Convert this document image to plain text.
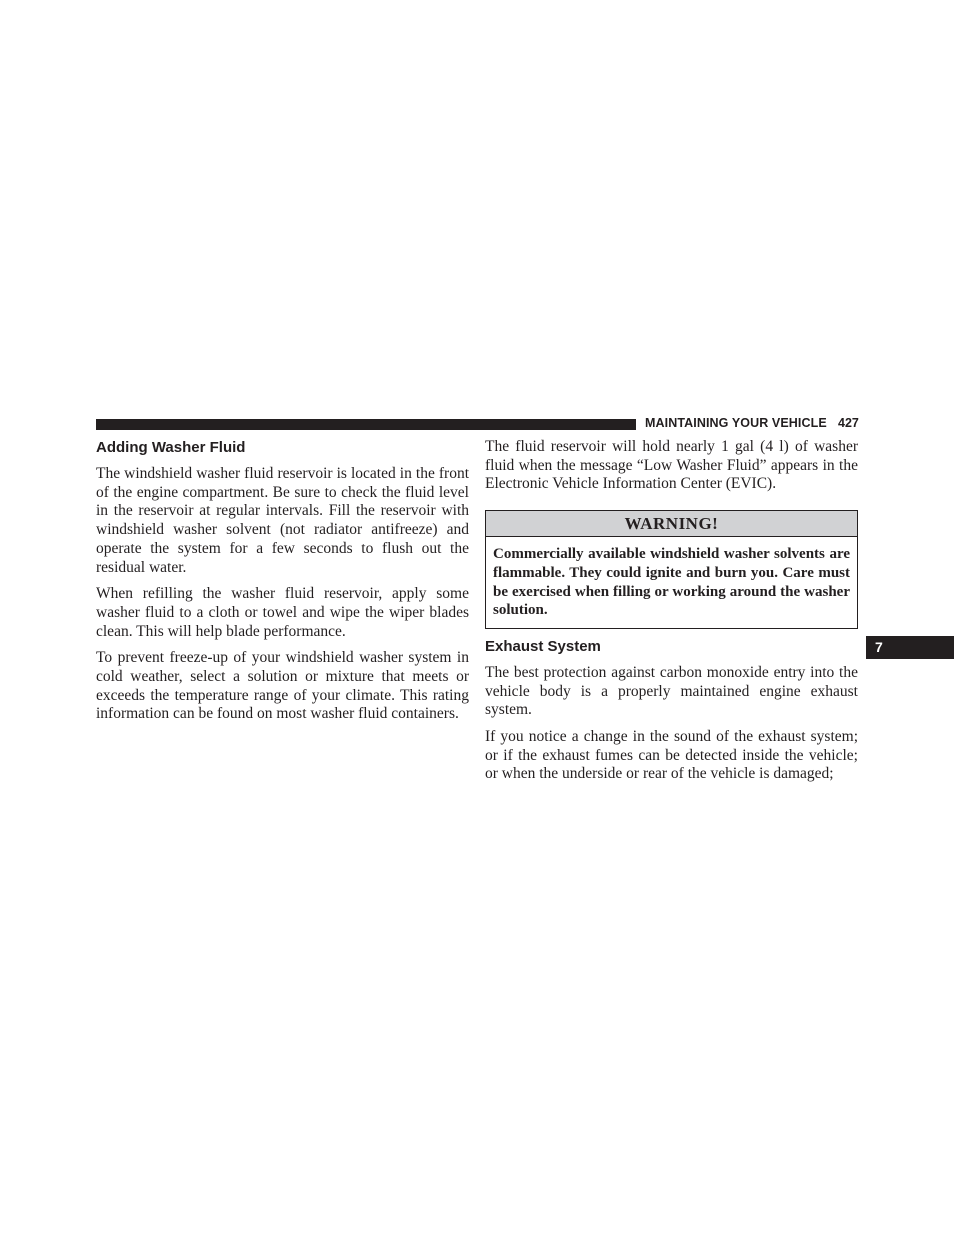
MAINTAINING YOUR VEHICLE 427
Adding Washer Fluid

The windshield washer fluid reservoir is located in the front of the engine compartment. Be sure to check the fluid level in the reservoir at regular intervals. Fill the reservoir with windshield washer solvent (not radiator antifreeze) and operate the system for a few seconds to flush out the residual water.

When refilling the washer fluid reservoir, apply some washer fluid to a cloth or towel and wipe the wiper blades clean. This will help blade performance.

To prevent freeze-up of your windshield washer system in cold weather, select a solution or mixture that meets or exceeds the temperature range of your climate. This rating information can be found on most washer fluid containers.

The fluid reservoir will hold nearly 1 gal (4 l) of washer fluid when the message “Low Washer Fluid” appears in the Electronic Vehicle Information Center (EVIC).

WARNING!
Commercially available windshield washer solvents are flammable. They could ignite and burn you. Care must be exercised when filling or working around the washer solution.
Exhaust System

The best protection against carbon monoxide entry into the vehicle body is a properly maintained engine exhaust system.

If you notice a change in the sound of the exhaust system; or if the exhaust fumes can be detected inside the vehicle; or when the underside or rear of the vehicle is damaged;

7
